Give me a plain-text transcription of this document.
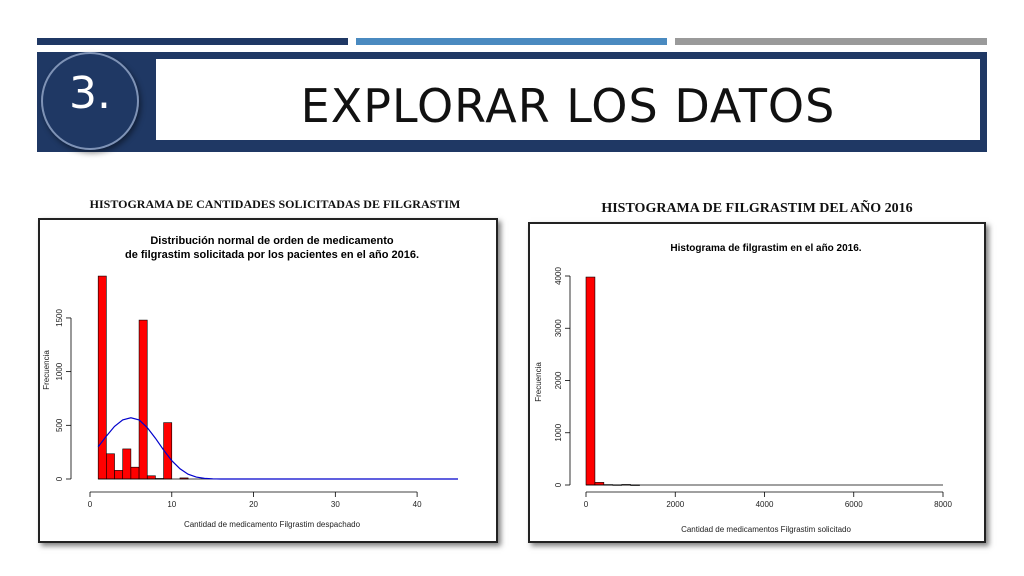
EXPLORAR LOS DATOS
3.
HISTOGRAMA DE CANTIDADES SOLICITADAS DE FILGRASTIM	HISTOGRAMA DE FILGRASTIM DEL AÑO 2016
Distribución normal de orden de medicamento
de filgrastim solicitada por los pacientes en el año 2016.
0	10	20	30	40
0
500
1000
1500
Cantidad de medicamento Filgrastim despachado
Frecuencia
Histograma de filgrastim en el año 2016.
0	2000	4000	6000	8000
0
1000
2000
3000
4000
Cantidad de medicamentos Filgrastim solicitado
Frecuencia
